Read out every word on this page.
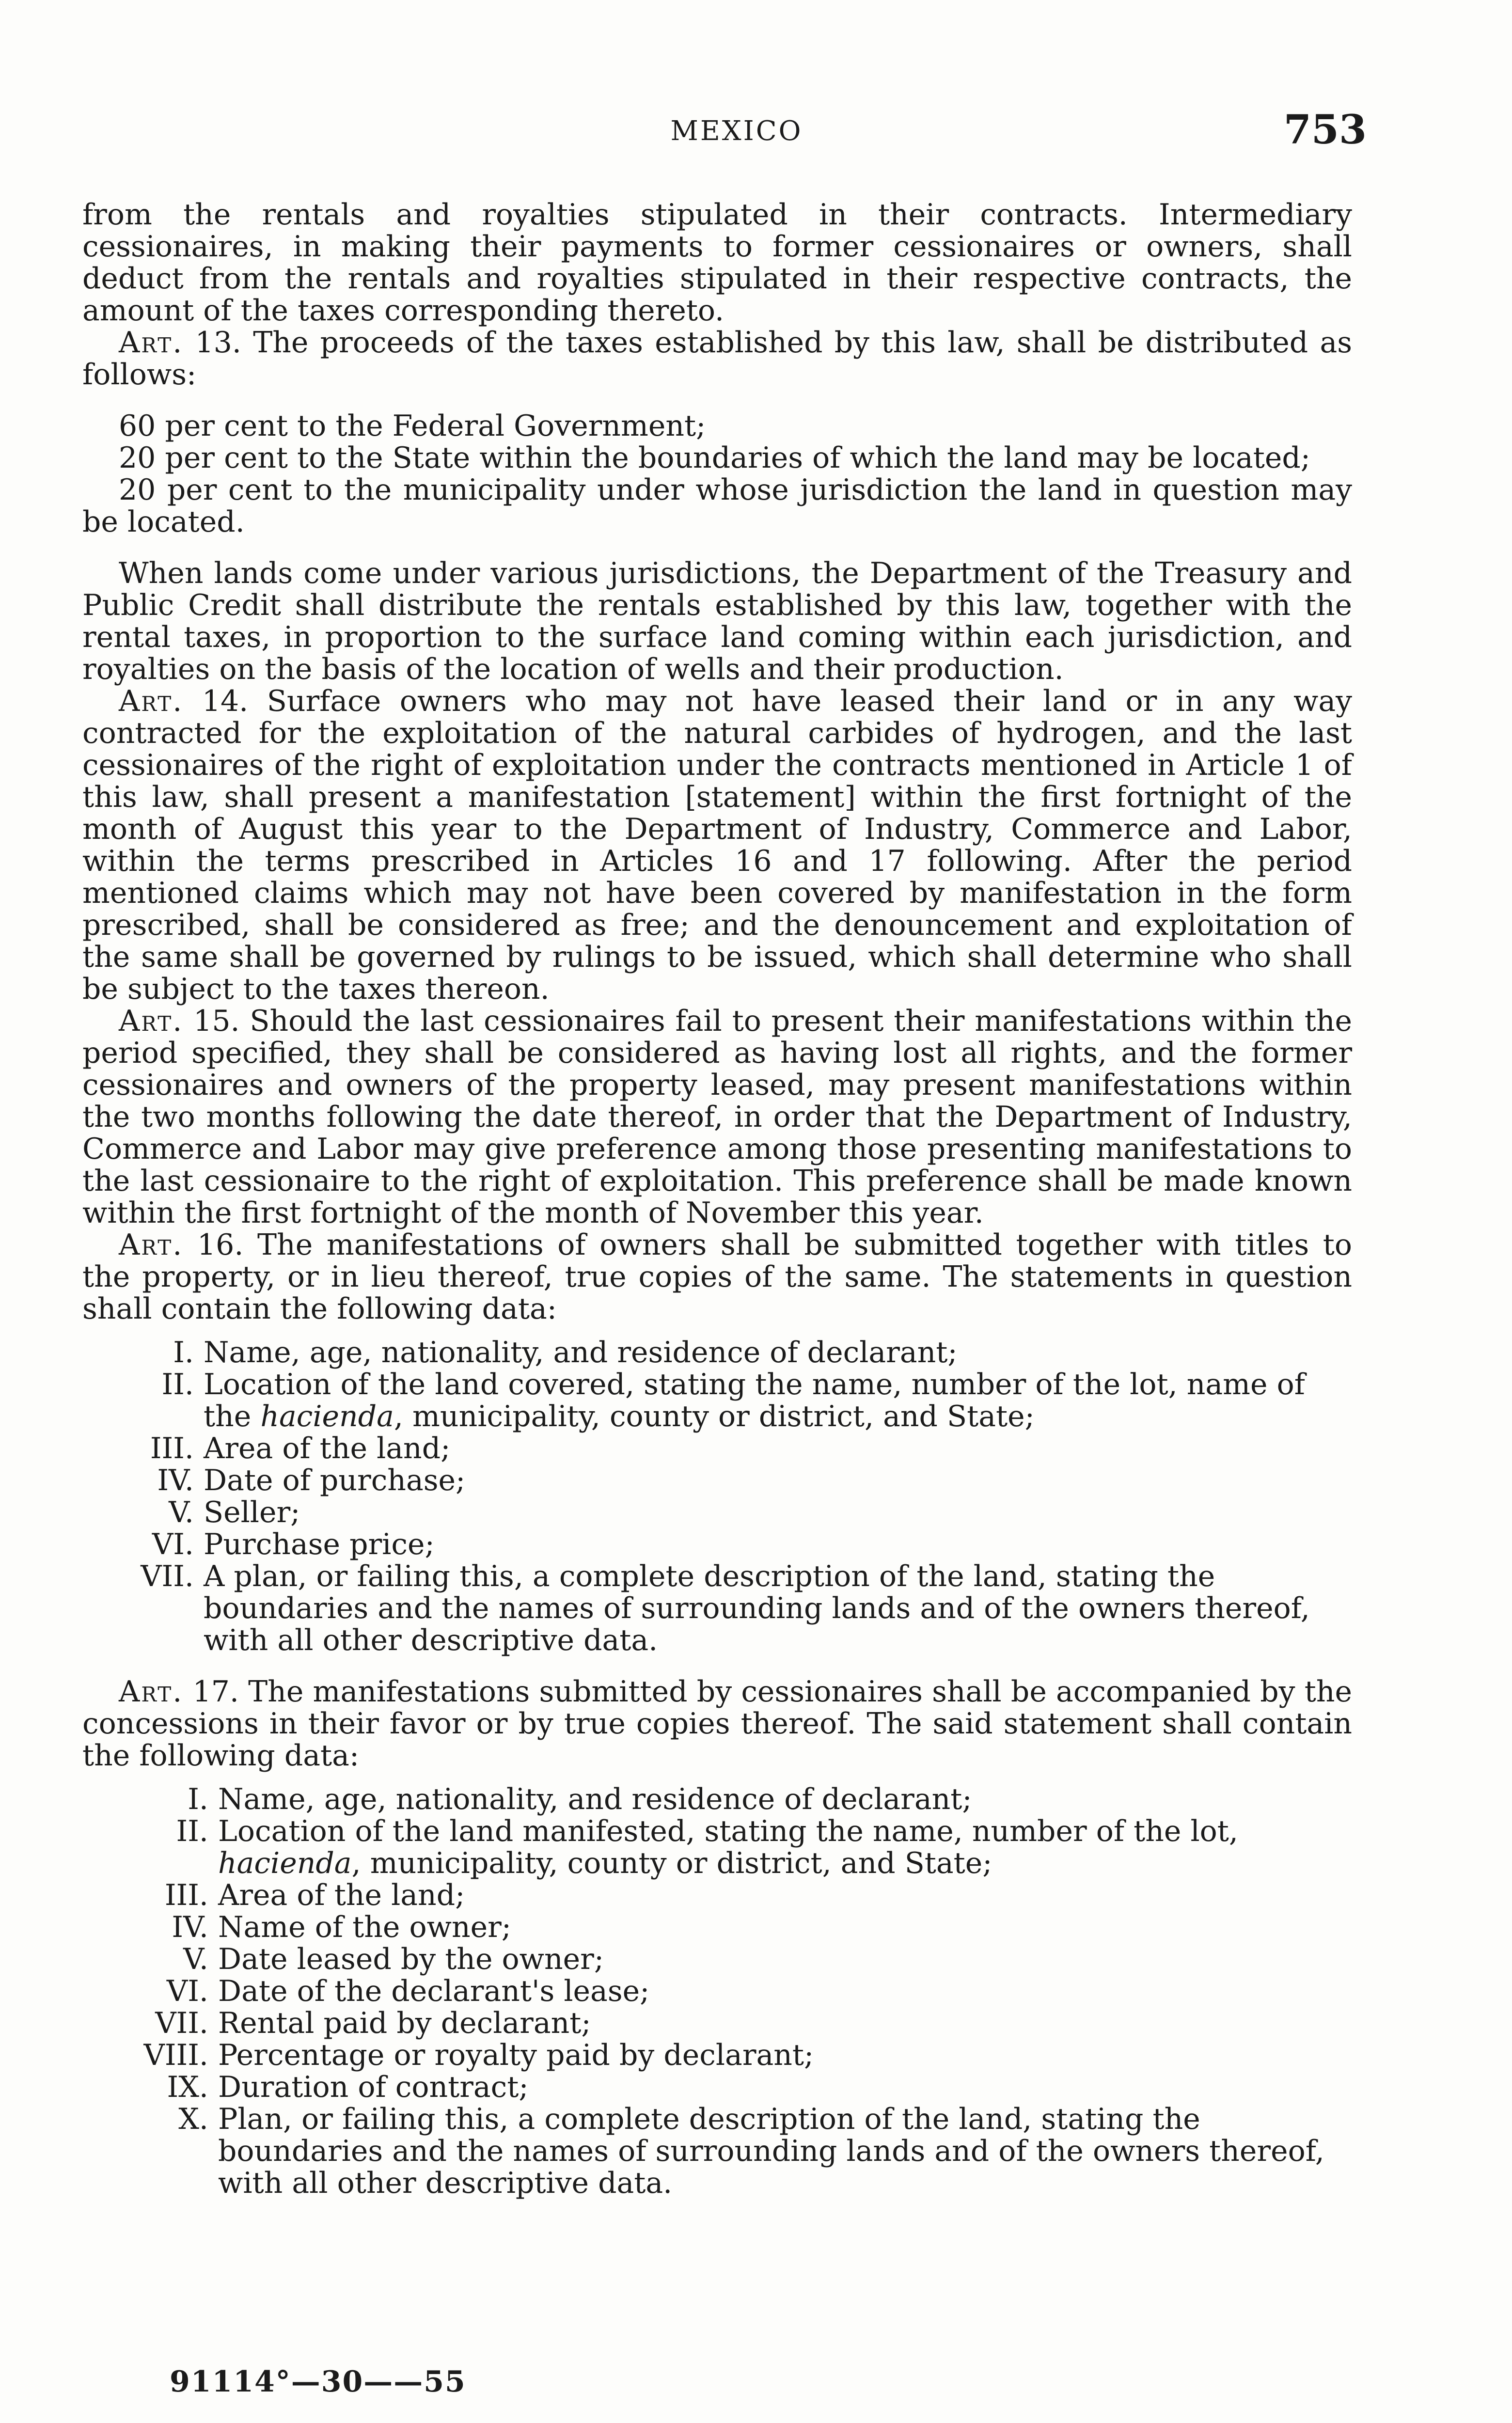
MEXICO	753

from the rentals and royalties stipulated in their contracts. Intermediary cessionaires, in making their payments to former cessionaires or owners, shall deduct from the rentals and royalties stipulated in their respective contracts, the amount of the taxes corresponding thereto.

Art. 13. The proceeds of the taxes established by this law, shall be distributed as follows:

60 per cent to the Federal Government;

20 per cent to the State within the boundaries of which the land may be located;

20 per cent to the municipality under whose jurisdiction the land in question may be located.

When lands come under various jurisdictions, the Department of the Treasury and Public Credit shall distribute the rentals established by this law, together with the rental taxes, in proportion to the surface land coming within each jurisdiction, and royalties on the basis of the location of wells and their production.

Art. 14. Surface owners who may not have leased their land or in any way contracted for the exploitation of the natural carbides of hydrogen, and the last cessionaires of the right of exploitation under the contracts mentioned in Article 1 of this law, shall present a manifestation [statement] within the first fortnight of the month of August this year to the Department of Industry, Commerce and Labor, within the terms prescribed in Articles 16 and 17 following. After the period mentioned claims which may not have been covered by manifestation in the form prescribed, shall be considered as free; and the denouncement and exploitation of the same shall be governed by rulings to be issued, which shall determine who shall be subject to the taxes thereon.

Art. 15. Should the last cessionaires fail to present their manifestations within the period specified, they shall be considered as having lost all rights, and the former cessionaires and owners of the property leased, may present manifestations within the two months following the date thereof, in order that the Department of Industry, Commerce and Labor may give preference among those presenting manifestations to the last cessionaire to the right of exploitation. This preference shall be made known within the first fortnight of the month of November this year.

Art. 16. The manifestations of owners shall be submitted together with titles to the property, or in lieu thereof, true copies of the same. The statements in question shall contain the following data:

I. Name, age, nationality, and residence of declarant;
II. Location of the land covered, stating the name, number of the lot, name of the hacienda, municipality, county or district, and State;
III. Area of the land;
IV. Date of purchase;
V. Seller;
VI. Purchase price;
VII. A plan, or failing this, a complete description of the land, stating the boundaries and the names of surrounding lands and of the owners thereof, with all other descriptive data.

Art. 17. The manifestations submitted by cessionaires shall be accompanied by the concessions in their favor or by true copies thereof. The said statement shall contain the following data:

I. Name, age, nationality, and residence of declarant;
II. Location of the land manifested, stating the name, number of the lot, hacienda, municipality, county or district, and State;
III. Area of the land;
IV. Name of the owner;
V. Date leased by the owner;
VI. Date of the declarant's lease;
VII. Rental paid by declarant;
VIII. Percentage or royalty paid by declarant;
IX. Duration of contract;
X. Plan, or failing this, a complete description of the land, stating the boundaries and the names of surrounding lands and of the owners thereof, with all other descriptive data.
91114°—30——55
